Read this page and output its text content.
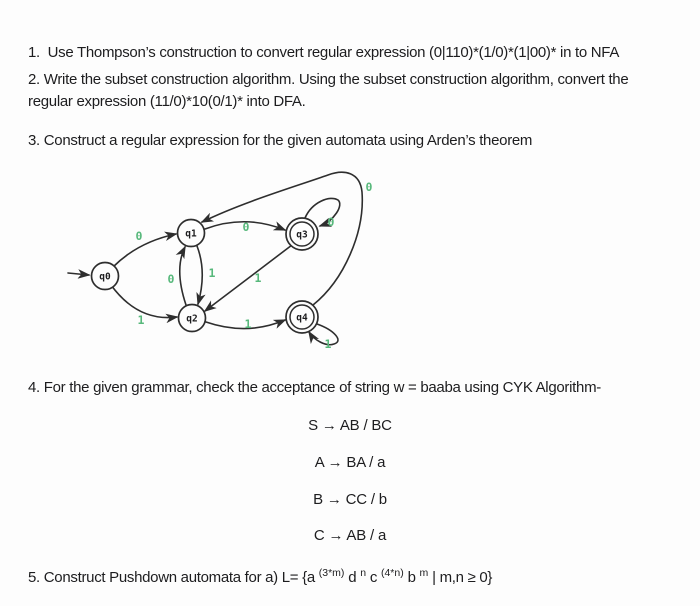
1.  Use Thompson’s construction to convert regular expression (0|110)*(1/0)*(1|00)* in to NFA

2. Write the subset construction algorithm. Using the subset construction algorithm, convert the

regular expression (11/0)*10(0/1)* into DFA.

3. Construct a regular expression for the given automata using Arden’s theorem

q0
q1
q2
q3
q4
0
1
0
1
0
1
0
1
1
0

4. For the given grammar, check the acceptance of string w = baaba using CYK Algorithm-

S → AB / BC

A → BA / a

B → CC / b

C → AB / a

5. Construct Pushdown automata for a) L= {a $^{(3*m)}$ d $^n$ c $^{(4*n)}$ b $^m$ | m,n ≥ 0}
